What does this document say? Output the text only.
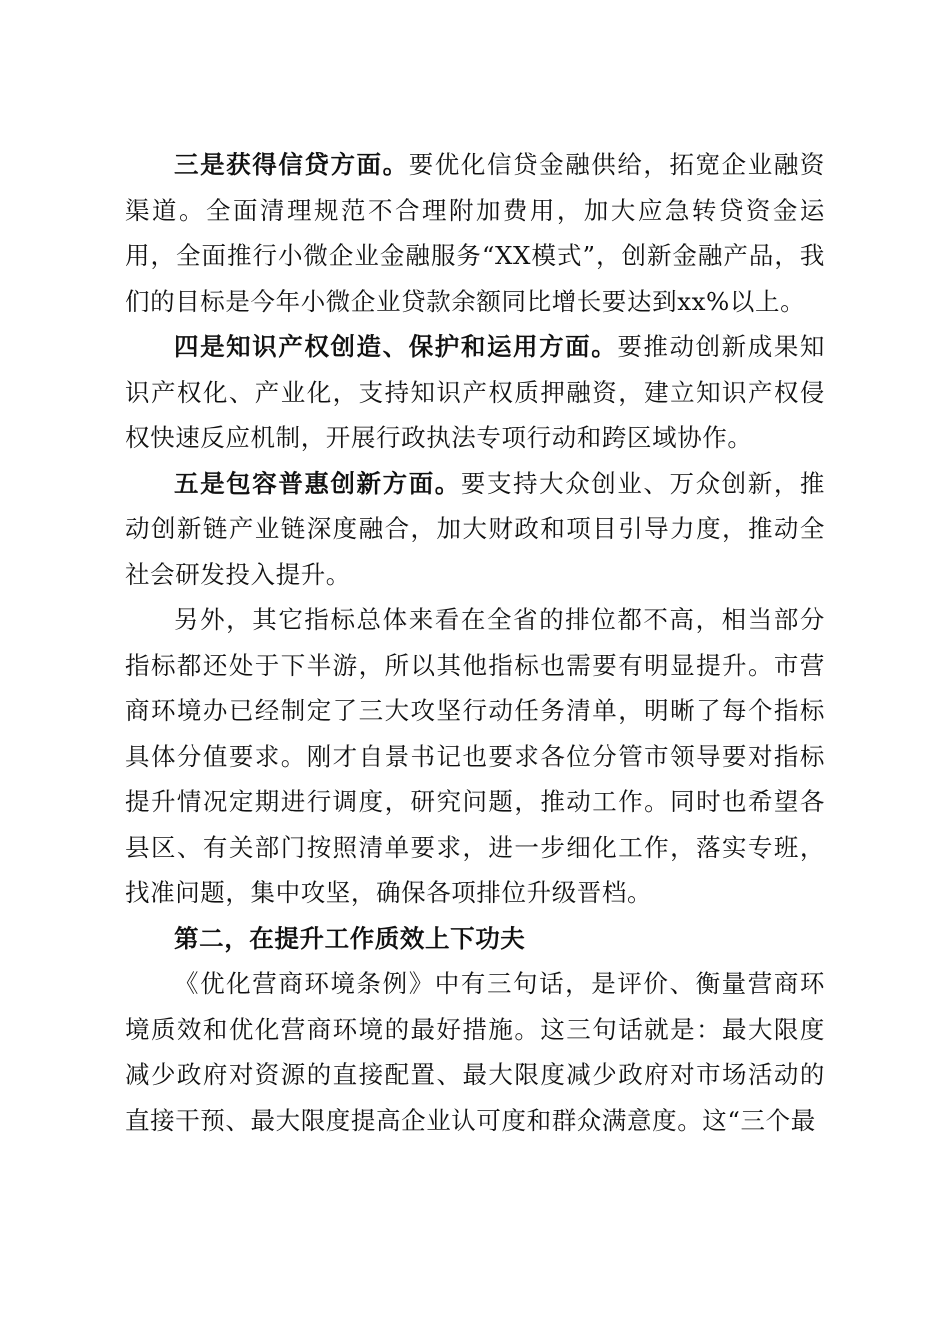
三是获得信贷方面。要优化信贷金融供给，拓宽企业融资渠道。全面清理规范不合理附加费用，加大应急转贷资金运用，全面推行小微企业金融服务“XX模式”，创新金融产品，我们的目标是今年小微企业贷款余额同比增长要达到xx%以上。

四是知识产权创造、保护和运用方面。要推动创新成果知识产权化、产业化，支持知识产权质押融资，建立知识产权侵权快速反应机制，开展行政执法专项行动和跨区域协作。

五是包容普惠创新方面。要支持大众创业、万众创新，推动创新链产业链深度融合，加大财政和项目引导力度，推动全社会研发投入提升。

另外，其它指标总体来看在全省的排位都不高，相当部分指标都还处于下半游，所以其他指标也需要有明显提升。市营商环境办已经制定了三大攻坚行动任务清单，明晰了每个指标具体分值要求。刚才自景书记也要求各位分管市领导要对指标提升情况定期进行调度，研究问题，推动工作。同时也希望各县区、有关部门按照清单要求，进一步细化工作，落实专班，找准问题，集中攻坚，确保各项排位升级晋档。

第二，在提升工作质效上下功夫

《优化营商环境条例》中有三句话，是评价、衡量营商环境质效和优化营商环境的最好措施。这三句话就是：最大限度减少政府对资源的直接配置、最大限度减少政府对市场活动的直接干预、最大限度提高企业认可度和群众满意度。这“三个最
